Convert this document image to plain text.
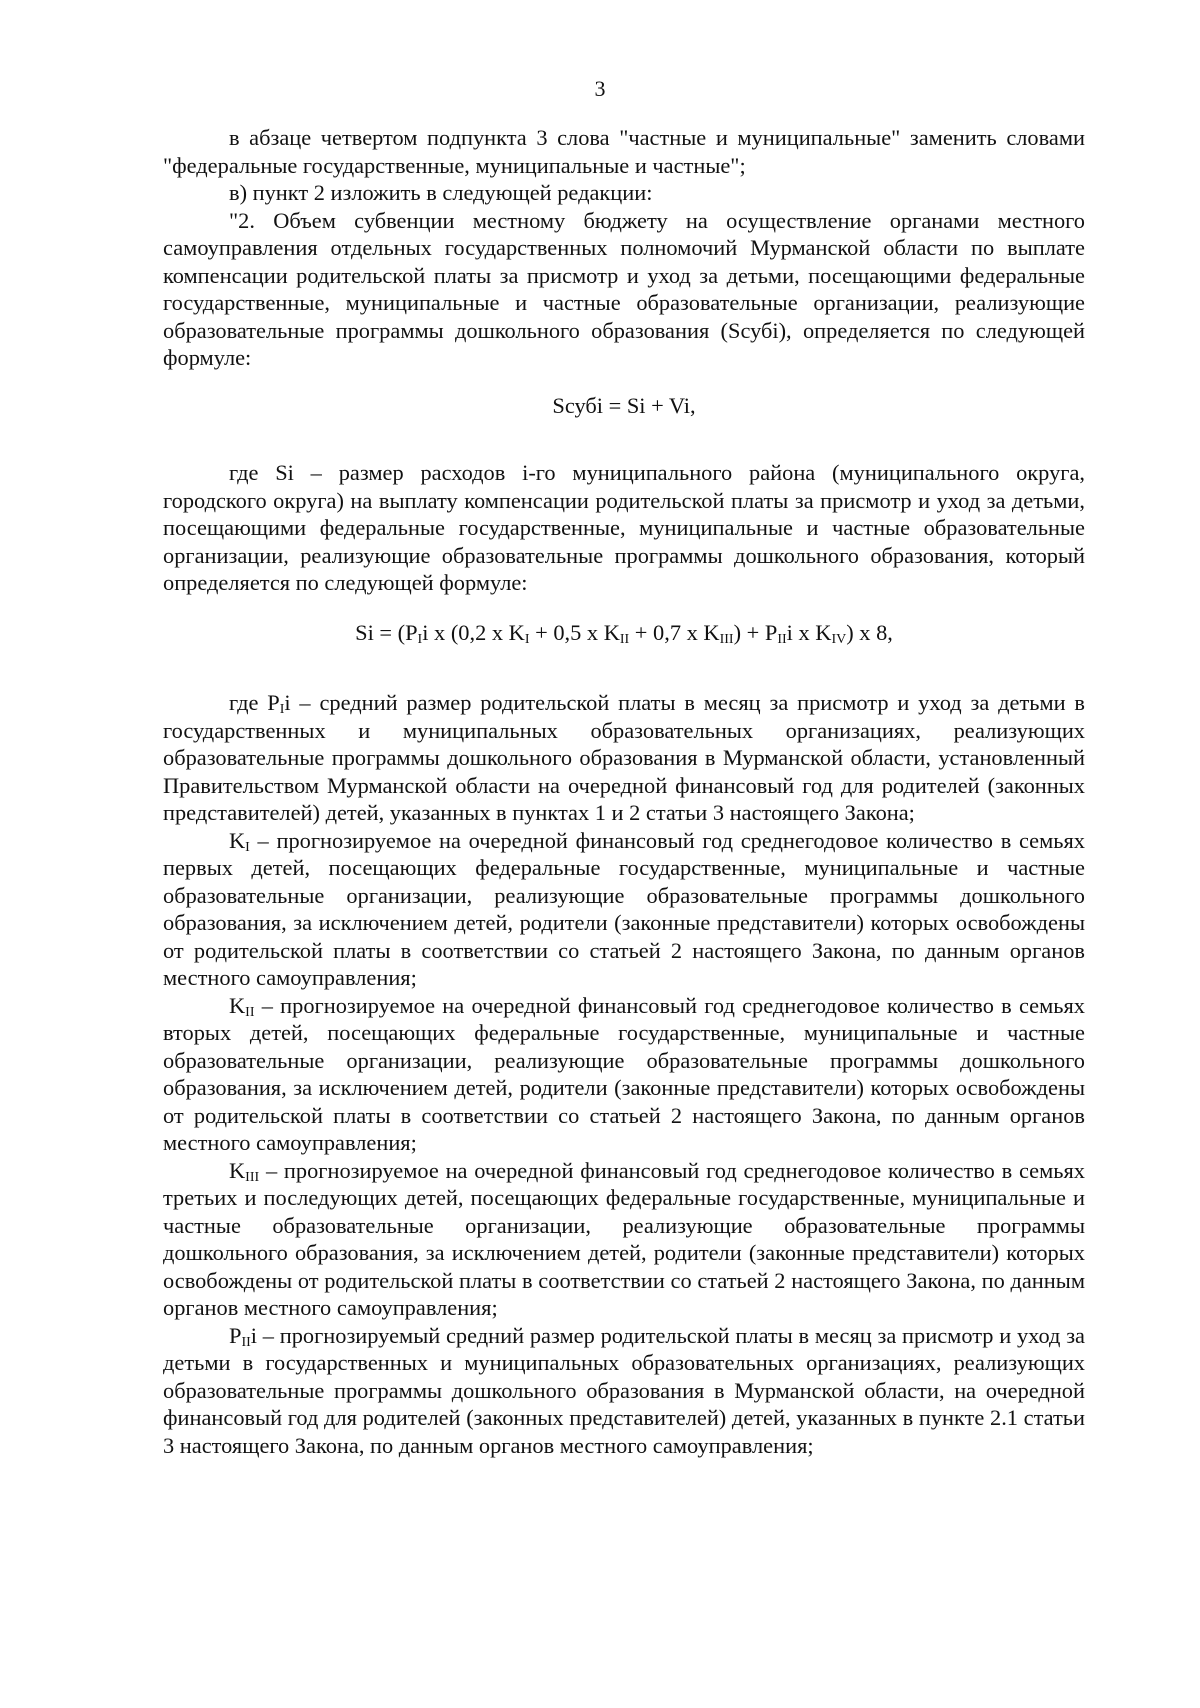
3

в абзаце четвертом подпункта 3 слова "частные и муниципальные" заменить словами "федеральные государственные, муниципальные и частные";

в) пункт 2 изложить в следующей редакции:

"2. Объем субвенции местному бюджету на осуществление органами местного самоуправления отдельных государственных полномочий Мурманской области по выплате компенсации родительской платы за присмотр и уход за детьми, посещающими федеральные государственные, муниципальные и частные образовательные организации, реализующие образовательные программы дошкольного образования (Sсубi), определяется по следующей формуле:

Sсубi = Si + Vi,

где Si – размер расходов i-го муниципального района (муниципального округа, городского округа) на выплату компенсации родительской платы за присмотр и уход за детьми, посещающими федеральные государственные, муниципальные и частные образовательные организации, реализующие образовательные программы дошкольного образования, который определяется по следующей формуле:

$Si = (P_Ii$ x (0,2 x $K_I + 0,5$ x $K_{II} + 0,7$ x $K_{III}) + P_{II}i$ x $K_{IV}$) x 8,

где $P_Ii$ – средний размер родительской платы в месяц за присмотр и уход за детьми в государственных и муниципальных образовательных организациях, реализующих образовательные программы дошкольного образования в Мурманской области, установленный Правительством Мурманской области на очередной финансовый год для родителей (законных представителей) детей, указанных в пунктах 1 и 2 статьи 3 настоящего Закона;

$K_I$ – прогнозируемое на очередной финансовый год среднегодовое количество в семьях первых детей, посещающих федеральные государственные, муниципальные и частные образовательные организации, реализующие образовательные программы дошкольного образования, за исключением детей, родители (законные представители) которых освобождены от родительской платы в соответствии со статьей 2 настоящего Закона, по данным органов местного самоуправления;

$K_{II}$ – прогнозируемое на очередной финансовый год среднегодовое количество в семьях вторых детей, посещающих федеральные государственные, муниципальные и частные образовательные организации, реализующие образовательные программы дошкольного образования, за исключением детей, родители (законные представители) которых освобождены от родительской платы в соответствии со статьей 2 настоящего Закона, по данным органов местного самоуправления;

$K_{III}$ – прогнозируемое на очередной финансовый год среднегодовое количество в семьях третьих и последующих детей, посещающих федеральные государственные, муниципальные и частные образовательные организации, реализующие образовательные программы дошкольного образования, за исключением детей, родители (законные представители) которых освобождены от родительской платы в соответствии со статьей 2 настоящего Закона, по данным органов местного самоуправления;

$P_{II}i$ – прогнозируемый средний размер родительской платы в месяц за присмотр и уход за детьми в государственных и муниципальных образовательных организациях, реализующих образовательные программы дошкольного образования в Мурманской области, на очередной финансовый год для родителей (законных представителей) детей, указанных в пункте 2.1 статьи 3 настоящего Закона, по данным органов местного самоуправления;
